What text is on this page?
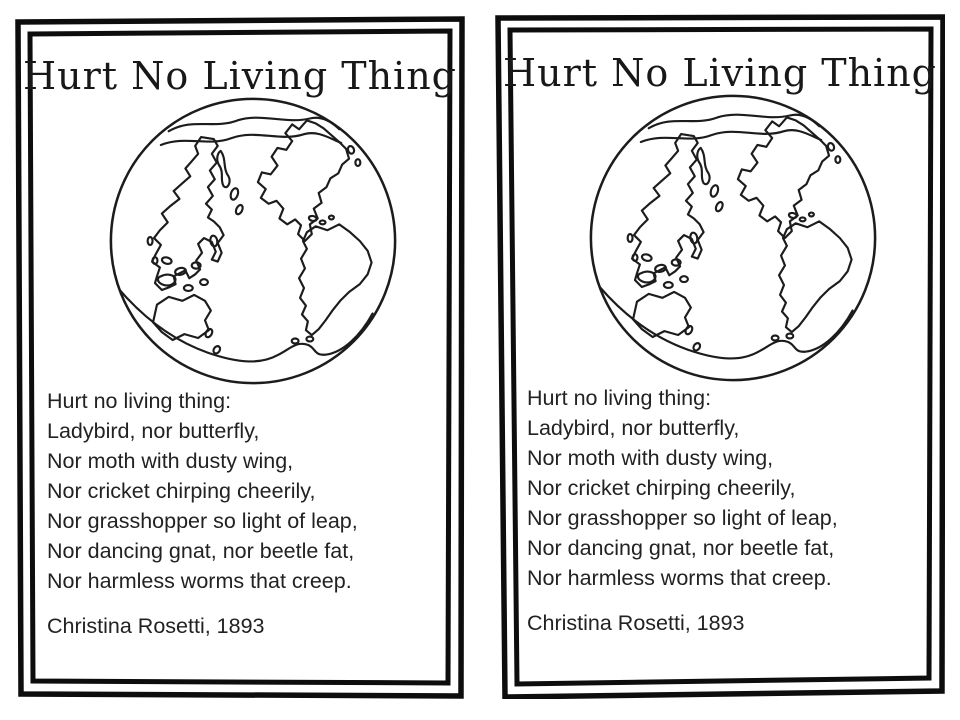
Hurt No Living Thing

Hurt no living thing:

Ladybird, nor butterfly,

Nor moth with dusty wing,

Nor cricket chirping cheerily,

Nor grasshopper so light of leap,

Nor dancing gnat, nor beetle fat,

Nor harmless worms that creep.

Christina Rosetti, 1893

Hurt No Living Thing

Hurt no living thing:

Ladybird, nor butterfly,

Nor moth with dusty wing,

Nor cricket chirping cheerily,

Nor grasshopper so light of leap,

Nor dancing gnat, nor beetle fat,

Nor harmless worms that creep.

Christina Rosetti, 1893
